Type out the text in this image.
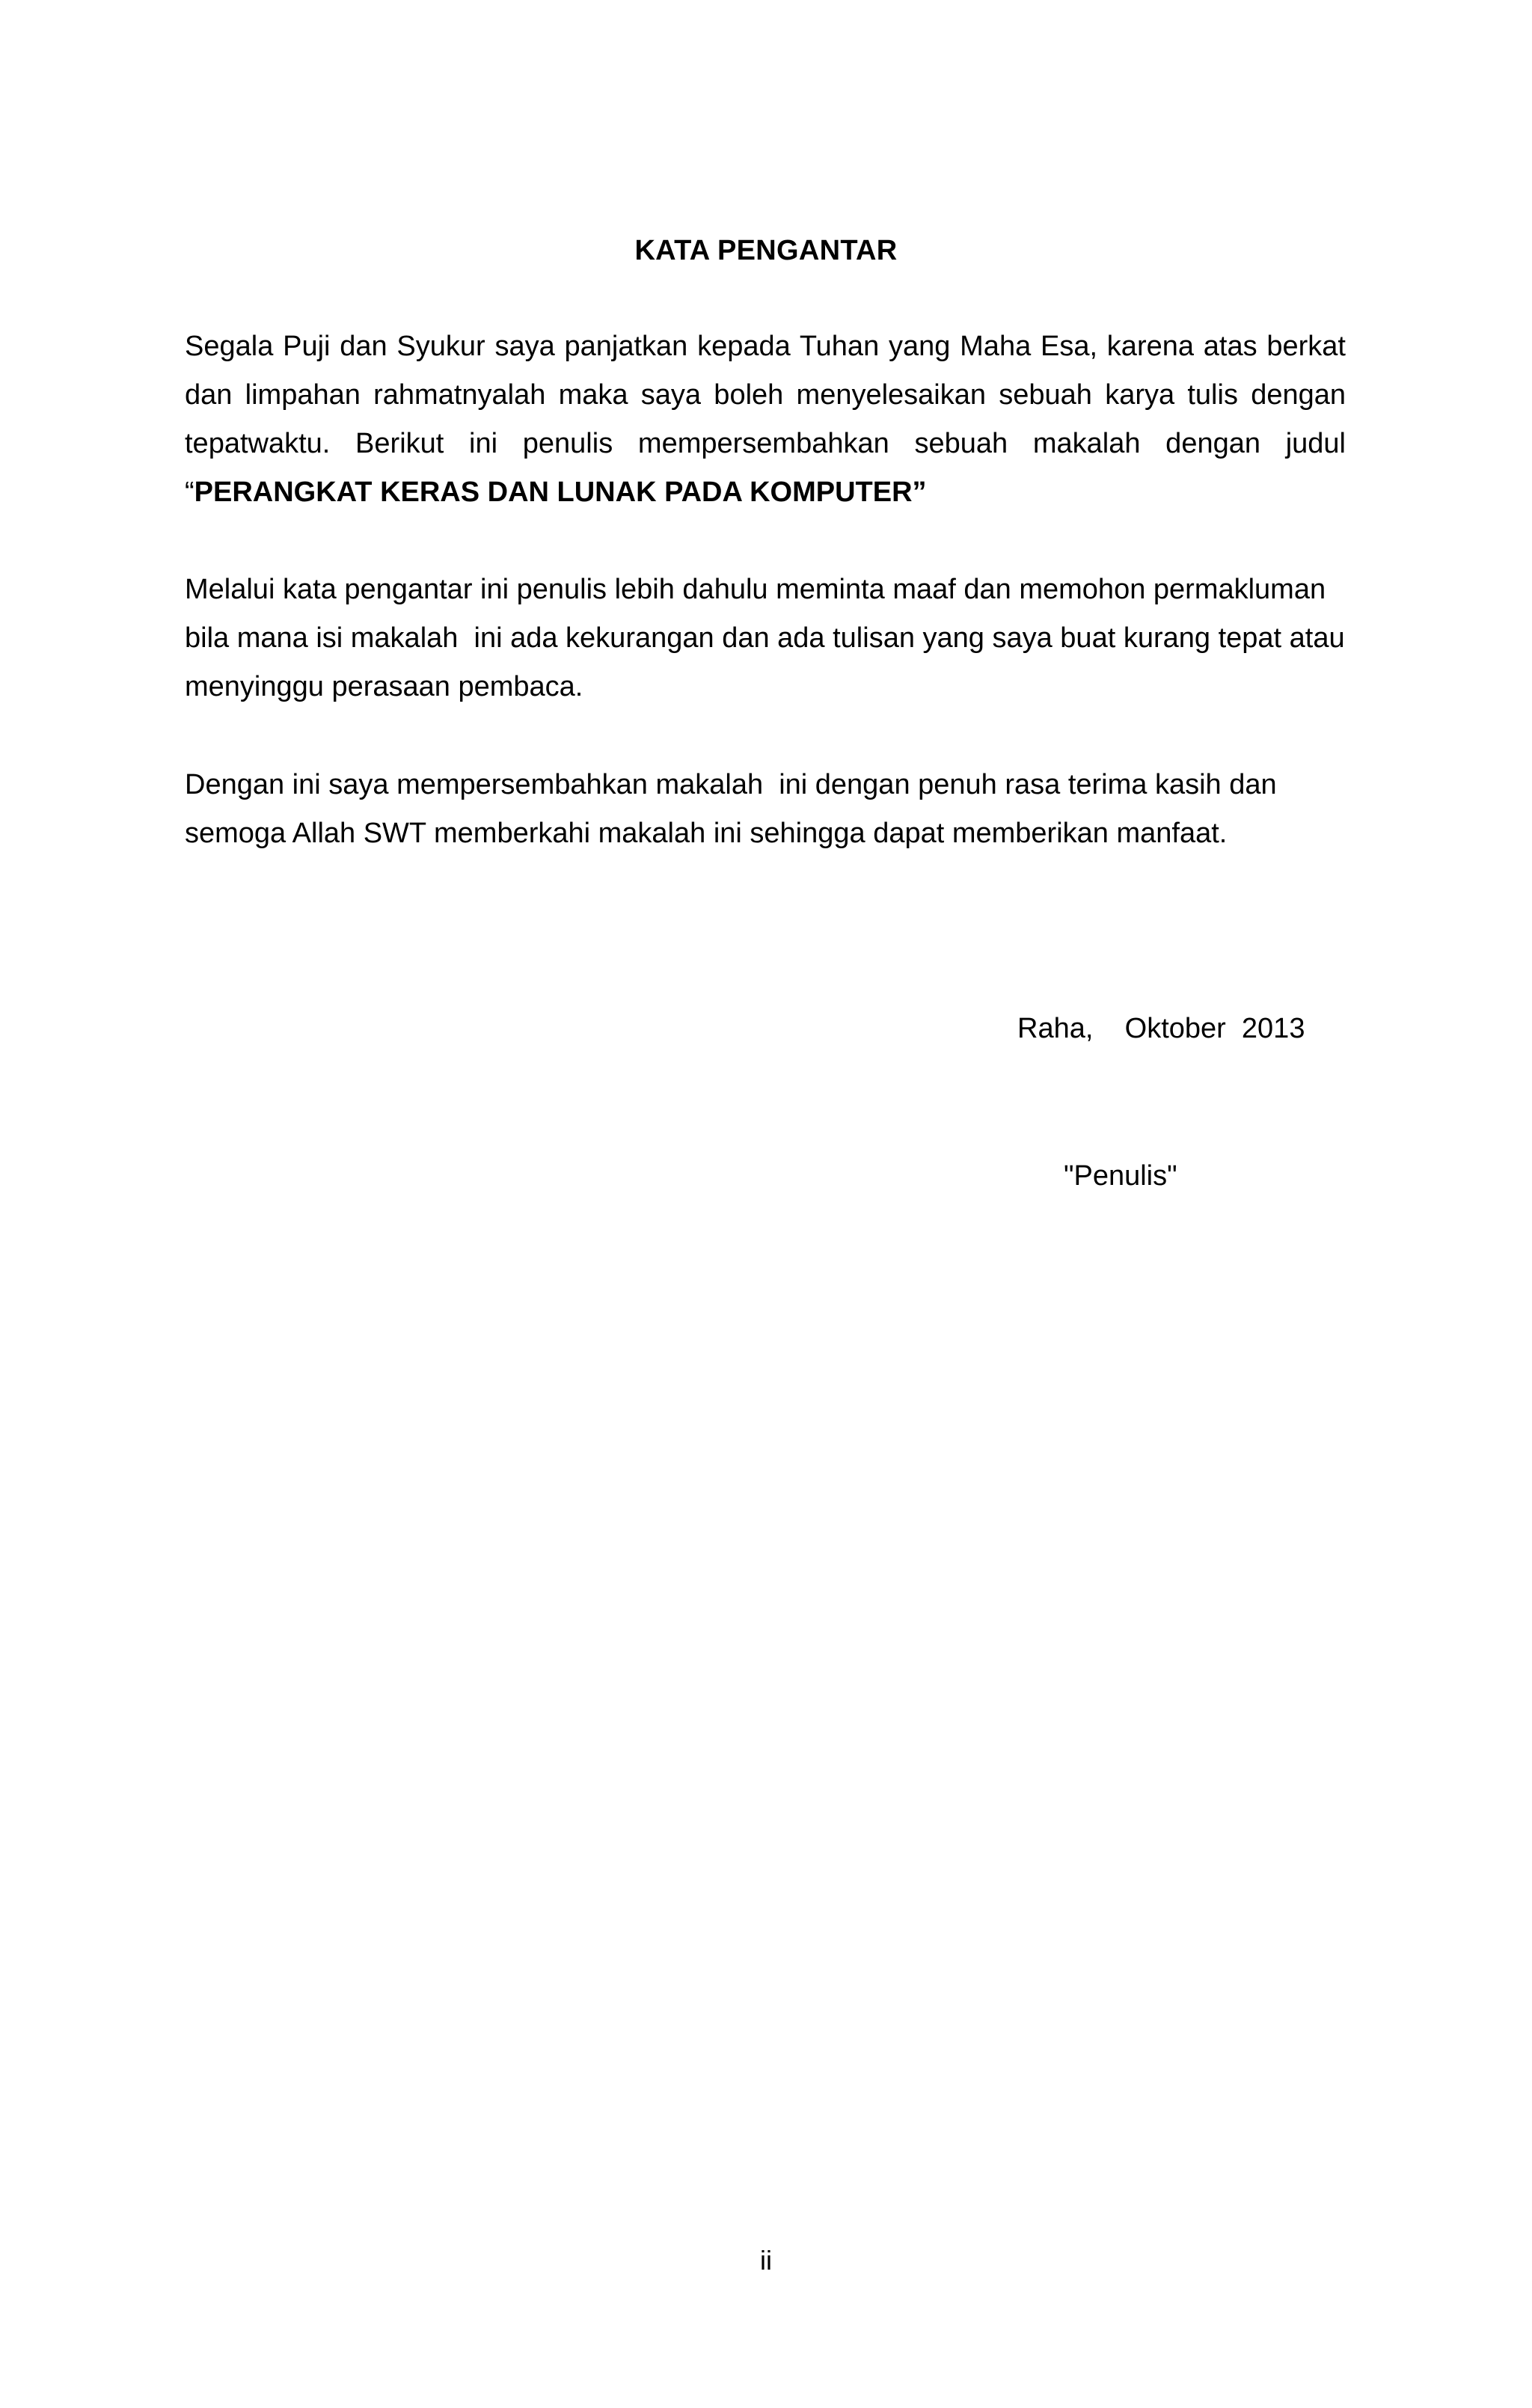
KATA PENGANTAR
Segala Puji dan Syukur saya panjatkan kepada Tuhan yang Maha Esa, karena atas berkat
dan limpahan rahmatnyalah maka saya boleh menyelesaikan sebuah karya tulis dengan
tepatwaktu. Berikut ini penulis mempersembahkan sebuah makalah dengan judul
“PERANGKAT KERAS DAN LUNAK PADA KOMPUTER”
Melalui kata pengantar ini penulis lebih dahulu meminta maaf dan memohon permakluman
bila mana isi makalah  ini ada kekurangan dan ada tulisan yang saya buat kurang tepat atau
menyinggu perasaan pembaca.
Dengan ini saya mempersembahkan makalah  ini dengan penuh rasa terima kasih dan
semoga Allah SWT memberkahi makalah ini sehingga dapat memberikan manfaat.
Raha,    Oktober  2013
"Penulis"
ii
